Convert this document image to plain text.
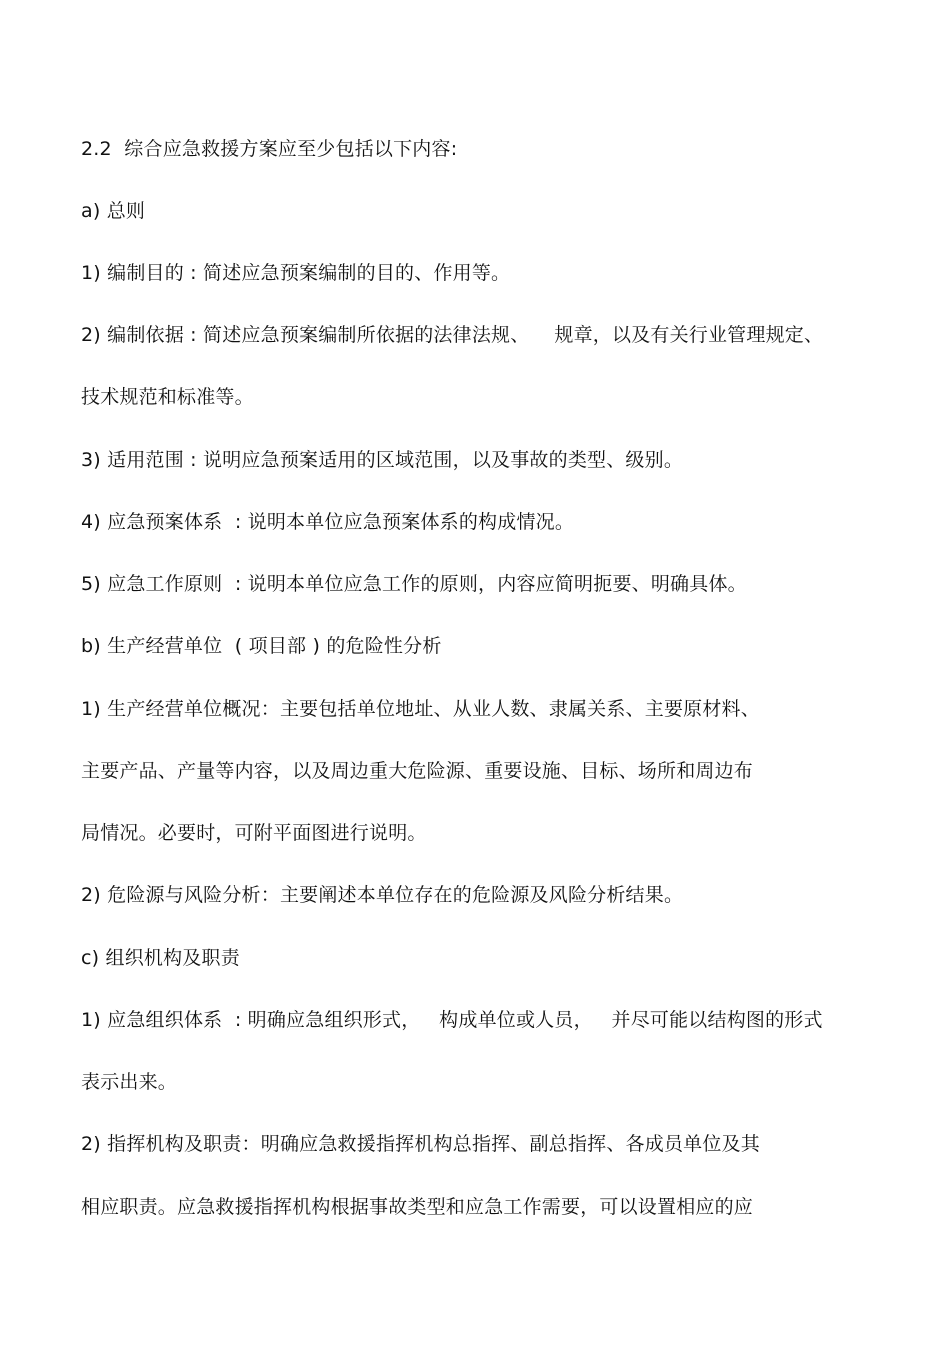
2.2  综合应急救援方案应至少包括以下内容:
a) 总则
1) 编制目的 : 简述应急预案编制的目的、作用等。
2) 编制依据 : 简述应急预案编制所依据的法律法规、    规章，以及有关行业管理规定、
技术规范和标准等。
3) 适用范围 : 说明应急预案适用的区域范围，以及事故的类型、级别。
4) 应急预案体系  : 说明本单位应急预案体系的构成情况。
5) 应急工作原则  : 说明本单位应急工作的原则，内容应简明扼要、明确具体。
b) 生产经营单位  ( 项目部 ) 的危险性分析
1) 生产经营单位概况：主要包括单位地址、从业人数、隶属关系、主要原材料、
主要产品、产量等内容，以及周边重大危险源、重要设施、目标、场所和周边布
局情况。必要时，可附平面图进行说明。
2) 危险源与风险分析：主要阐述本单位存在的危险源及风险分析结果。
c) 组织机构及职责
1) 应急组织体系  : 明确应急组织形式，   构成单位或人员，   并尽可能以结构图的形式
表示出来。
2) 指挥机构及职责：明确应急救援指挥机构总指挥、副总指挥、各成员单位及其
相应职责。应急救援指挥机构根据事故类型和应急工作需要，可以设置相应的应
